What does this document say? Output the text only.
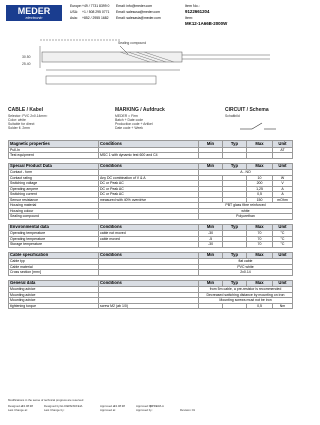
MEDER
electronic
Europe:+49 / 7731 8399 0 Email: info@meder.com
USA: +1 / 508 295 0771 Email: salesusa@meder.com
Asia: +852 / 2955 1682 Email: salesasia@meder.com
Item No.:
9122661204
Item:
MK12-1A66B-2000W
30.50
25.40
Sealing compound
CABLE / Kabel
Selector: PVC 2x0.14mm²
Color: white
Suitable for direct
Solder fl. 2mm
MARKING / Aufdruck
MEDER = Firm
Batch + Date code
Production code + Artikel
Date code + Week
CIRCUIT / Schema
Schaltbild
Magnetic properties	Conditions	Min	Typ	Max	Unit
Pull-In					AT
Test equipment	MSC 1 with dynamic test 600 and C4				
Special Product Data	Conditions	Min	Typ	Max	Unit
Contact - form		A - NO			
Contact rating	Any DC combination of V & A			10	W
Switching voltage	DC or Peak AC			200	V
Operating ampere	DC or Peak AC			1,25	A
Switching current	DC or Peak AC			0,5	A
Sensor resistance	measured with 40% overdrive			150	mOhm
Housing material		PBT glass fibre reinforced			
Housing colour		white			
Sealing compound		Polyurethan			
Environmental data	Conditions	Min	Typ	Max	Unit
Operating temperature	cable not moved	-30		70	°C
Operating temperature	cable moved	-5		70	°C
Storage temperature		-30		70	°C
Cable specification	Conditions	Min	Typ	Max	Unit
Cable typ		flat cable			
Cable material		PVC white			
Cross section [mm²]		2x0.14			
General data	Conditions	Min	Typ	Max	Unit
Mounting advice		from 5m cable, a pre-resistor is recommended			
Mounting advice		Decreased switching distance by mounting on iron			
Mounting advice		Mounting screws must not be iron			
tightening torque	screw M2 (ab 1/0)			0,5	Nm
Modifications in the sense of technical progress are reserved
Designed at:
13.08.98	Designed by: GLO/EPE/M/FEIA	Approved at:
13.08.98	Approved by:
BPRER/LA
Last Change at:	Last Change by:	Approved at:	Approved by:	Revision: 01
